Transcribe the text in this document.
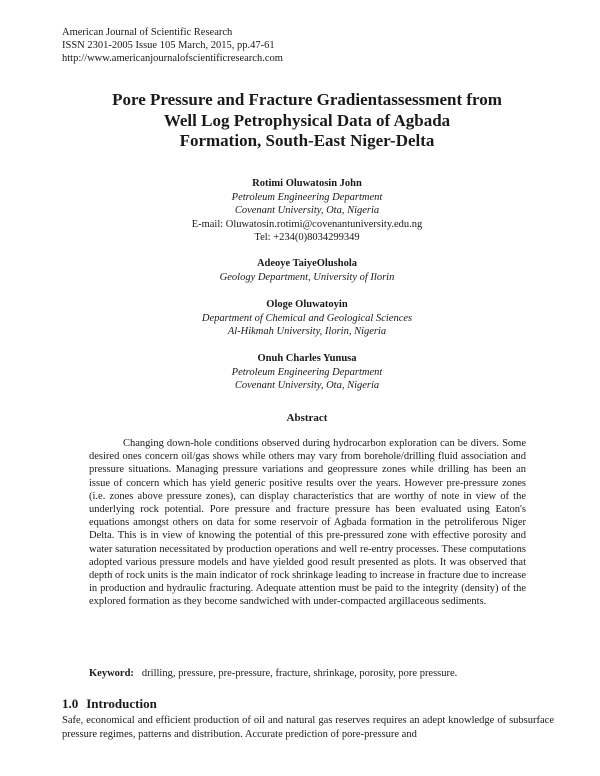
American Journal of Scientific Research
ISSN 2301-2005 Issue 105 March, 2015, pp.47-61
http://www.americanjournalofscientificresearch.com
Pore Pressure and Fracture Gradientassessment from
Well Log Petrophysical Data of Agbada
Formation, South-East Niger-Delta
Rotimi Oluwatosin John
Petroleum Engineering Department
Covenant University, Ota, Nigeria
E-mail: Oluwatosin.rotimi@covenantuniversity.edu.ng
Tel: +234(0)8034299349
Adeoye TaiyeOlushola
Geology Department, University of Ilorin
Ologe Oluwatoyin
Department of Chemical and Geological Sciences
Al-Hikmah University, Ilorin, Nigeria
Onuh Charles Yunusa
Petroleum Engineering Department
Covenant University, Ota, Nigeria
Abstract

Changing down-hole conditions observed during hydrocarbon exploration can be divers. Some desired ones concern oil/gas shows while others may vary from borehole/drilling fluid association and pressure situations. Managing pressure variations and geopressure zones while drilling has been an issue of concern which has yield generic positive results over the years. However pre-pressure zones (i.e. zones above pressure zones), can display characteristics that are worthy of note in view of the underlying rock potential. Pore pressure and fracture pressure has been evaluated using Eaton's equations amongst others on data for some reservoir of Agbada formation in the petroliferous Niger Delta. This is in view of knowing the potential of this pre-pressured zone with effective porosity and water saturation necessitated by production operations and well re-entry processes. These computations adopted various pressure models and have yielded good result presented as plots. It was observed that depth of rock units is the main indicator of rock shrinkage leading to increase in fracture due to increase in production and hydraulic fracturing. Adequate attention must be paid to the integrity (density) of the explored formation as they become sandwiched with under-compacted argillaceous sediments.

Keyword: drilling, pressure, pre-pressure, fracture, shrinkage, porosity, pore pressure.
1.0 Introduction

Safe, economical and efficient production of oil and natural gas reserves requires an adept knowledge of subsurface pressure regimes, patterns and distribution. Accurate prediction of pore-pressure and
